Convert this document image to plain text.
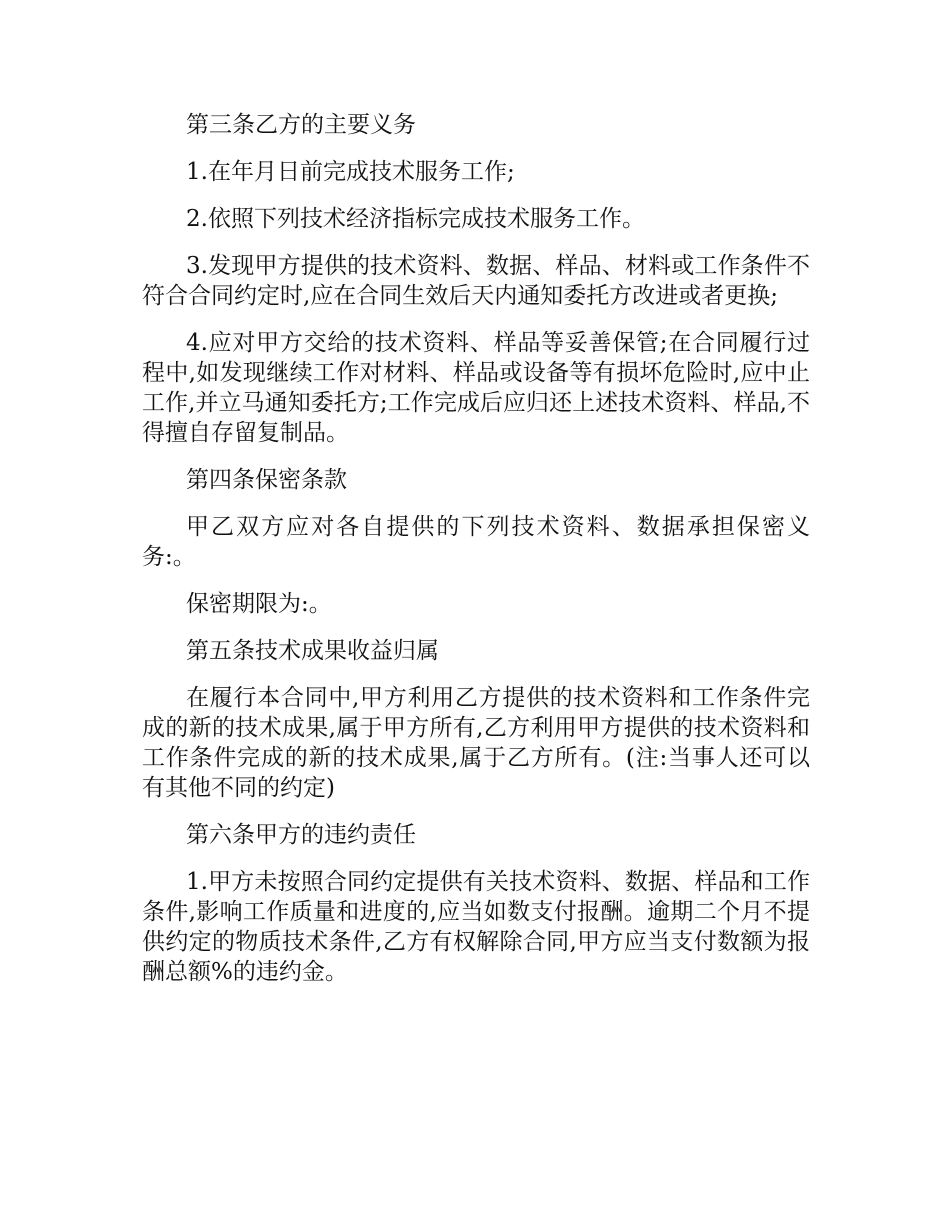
第三条乙方的主要义务

1.在年月日前完成技术服务工作;

2.依照下列技术经济指标完成技术服务工作。

3.发现甲方提供的技术资料、数据、样品、材料或工作条件不符合合同约定时,应在合同生效后天内通知委托方改进或者更换;

4.应对甲方交给的技术资料、样品等妥善保管;在合同履行过程中,如发现继续工作对材料、样品或设备等有损坏危险时,应中止工作,并立马通知委托方;工作完成后应归还上述技术资料、样品,不得擅自存留复制品。

第四条保密条款

甲乙双方应对各自提供的下列技术资料、数据承担保密义务:。

保密期限为:。

第五条技术成果收益归属

在履行本合同中,甲方利用乙方提供的技术资料和工作条件完成的新的技术成果,属于甲方所有,乙方利用甲方提供的技术资料和工作条件完成的新的技术成果,属于乙方所有。(注:当事人还可以有其他不同的约定)

第六条甲方的违约责任

1.甲方未按照合同约定提供有关技术资料、数据、样品和工作条件,影响工作质量和进度的,应当如数支付报酬。逾期二个月不提供约定的物质技术条件,乙方有权解除合同,甲方应当支付数额为报酬总额%的违约金。
